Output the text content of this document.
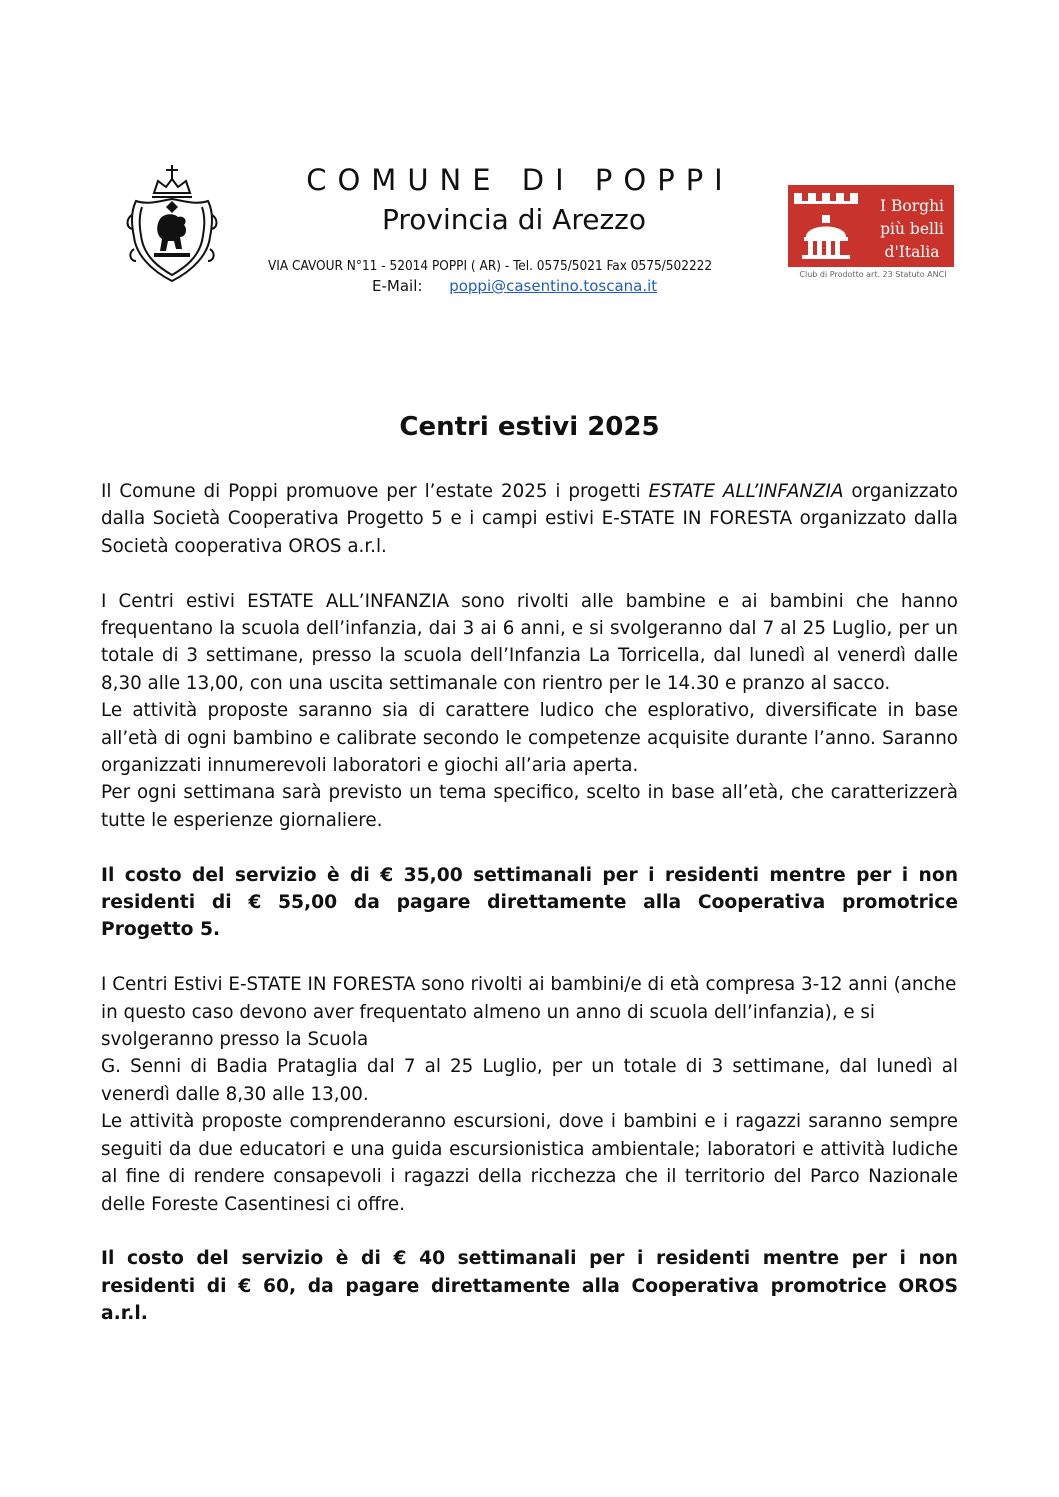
COMUNE DI POPPI
Provincia di Arezzo
VIA CAVOUR N°11 - 52014 POPPI ( AR) - Tel. 0575/5021 Fax 0575/502222
E-Mail: poppi@casentino.toscana.it
I Borghi
più belli
d'Italia
Club di Prodotto art. 23 Statuto ANCI
Centri estivi 2025

Il Comune di Poppi promuove per l’estate 2025 i progetti ESTATE ALL’INFANZIA organizzato dalla Società Cooperativa Progetto 5 e i campi estivi E-STATE IN FORESTA organizzato dalla Società cooperativa OROS a.r.l.

I Centri estivi ESTATE ALL’INFANZIA sono rivolti alle bambine e ai bambini che hanno frequentano la scuola dell’infanzia, dai 3 ai 6 anni, e si svolgeranno dal 7 al 25 Luglio, per un totale di 3 settimane, presso la scuola dell’Infanzia La Torricella, dal lunedì al venerdì dalle 8,30 alle 13,00, con una uscita settimanale con rientro per le 14.30 e pranzo al sacco.

Le attività proposte saranno sia di carattere ludico che esplorativo, diversificate in base all’età di ogni bambino e calibrate secondo le competenze acquisite durante l’anno. Saranno organizzati innumerevoli laboratori e giochi all’aria aperta.

Per ogni settimana sarà previsto un tema specifico, scelto in base all’età, che caratterizzerà tutte le esperienze giornaliere.

Il costo del servizio è di € 35,00 settimanali per i residenti mentre per i non residenti di € 55,00 da pagare direttamente alla Cooperativa promotrice Progetto 5.

I Centri Estivi E-STATE IN FORESTA sono rivolti ai bambini/e di età compresa 3-12 anni (anche in questo caso devono aver frequentato almeno un anno di scuola dell’infanzia), e si svolgeranno presso la Scuola

G. Senni di Badia Prataglia dal 7 al 25 Luglio, per un totale di 3 settimane, dal lunedì al venerdì dalle 8,30 alle 13,00.

Le attività proposte comprenderanno escursioni, dove i bambini e i ragazzi saranno sempre seguiti da due educatori e una guida escursionistica ambientale; laboratori e attività ludiche al fine di rendere consapevoli i ragazzi della ricchezza che il territorio del Parco Nazionale delle Foreste Casentinesi ci offre.

Il costo del servizio è di € 40 settimanali per i residenti mentre per i non residenti di € 60, da pagare direttamente alla Cooperativa promotrice OROS a.r.l.
